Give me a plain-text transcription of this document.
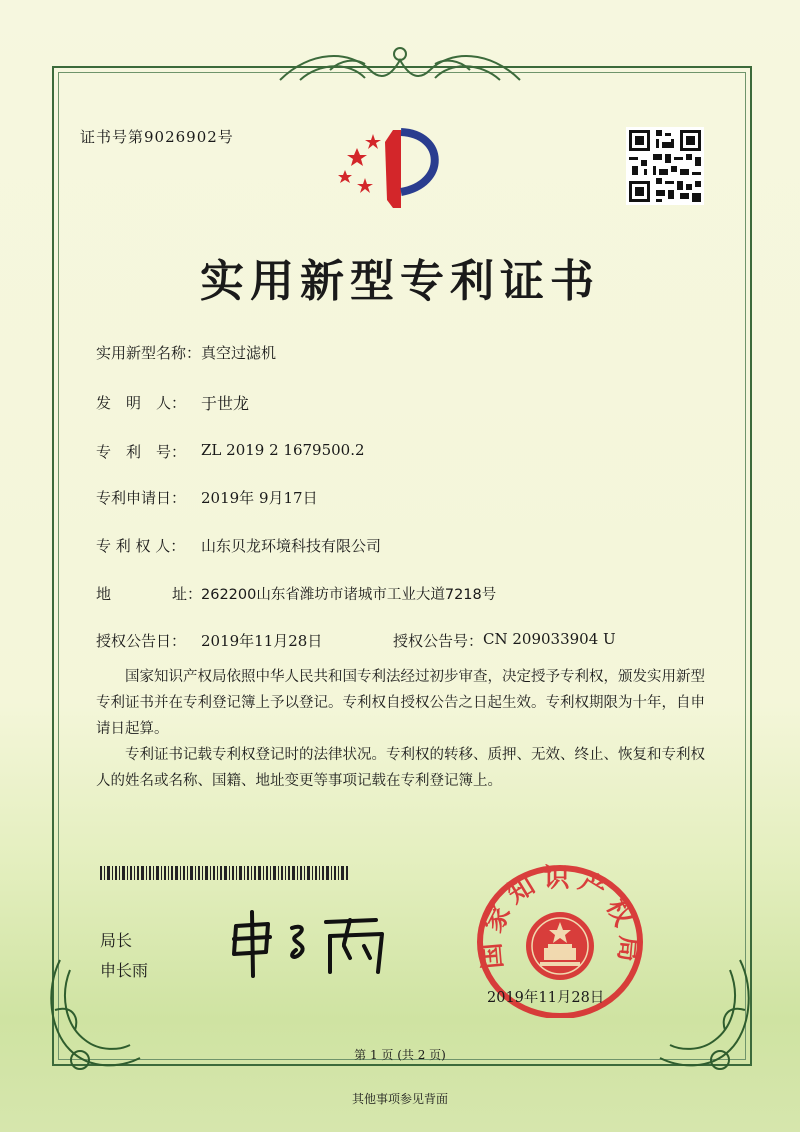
证书号第9026902号
实用新型专利证书
实用新型名称： 真空过滤机
发　明　人： 于世龙
专　利　号： ZL 2019 2 1679500.2
专利申请日： 2019年 9月17日
专 利 权 人： 山东贝龙环境科技有限公司
地	址：
262200山东省潍坊市诸城市工业大道7218号
授权公告日： 2019年11月28日	授权公告号： CN 209033904 U
国家知识产权局依照中华人民共和国专利法经过初步审查，决定授予专利权，颁发实用新型专利证书并在专利登记簿上予以登记。专利权自授权公告之日起生效。专利权期限为十年，自申请日起算。
专利证书记载专利权登记时的法律状况。专利权的转移、质押、无效、终止、恢复和专利权人的姓名或名称、国籍、地址变更等事项记载在专利登记簿上。
局长
申长雨
国家知识产权局
2019年11月28日
第 1 页 (共 2 页)
其他事项参见背面
